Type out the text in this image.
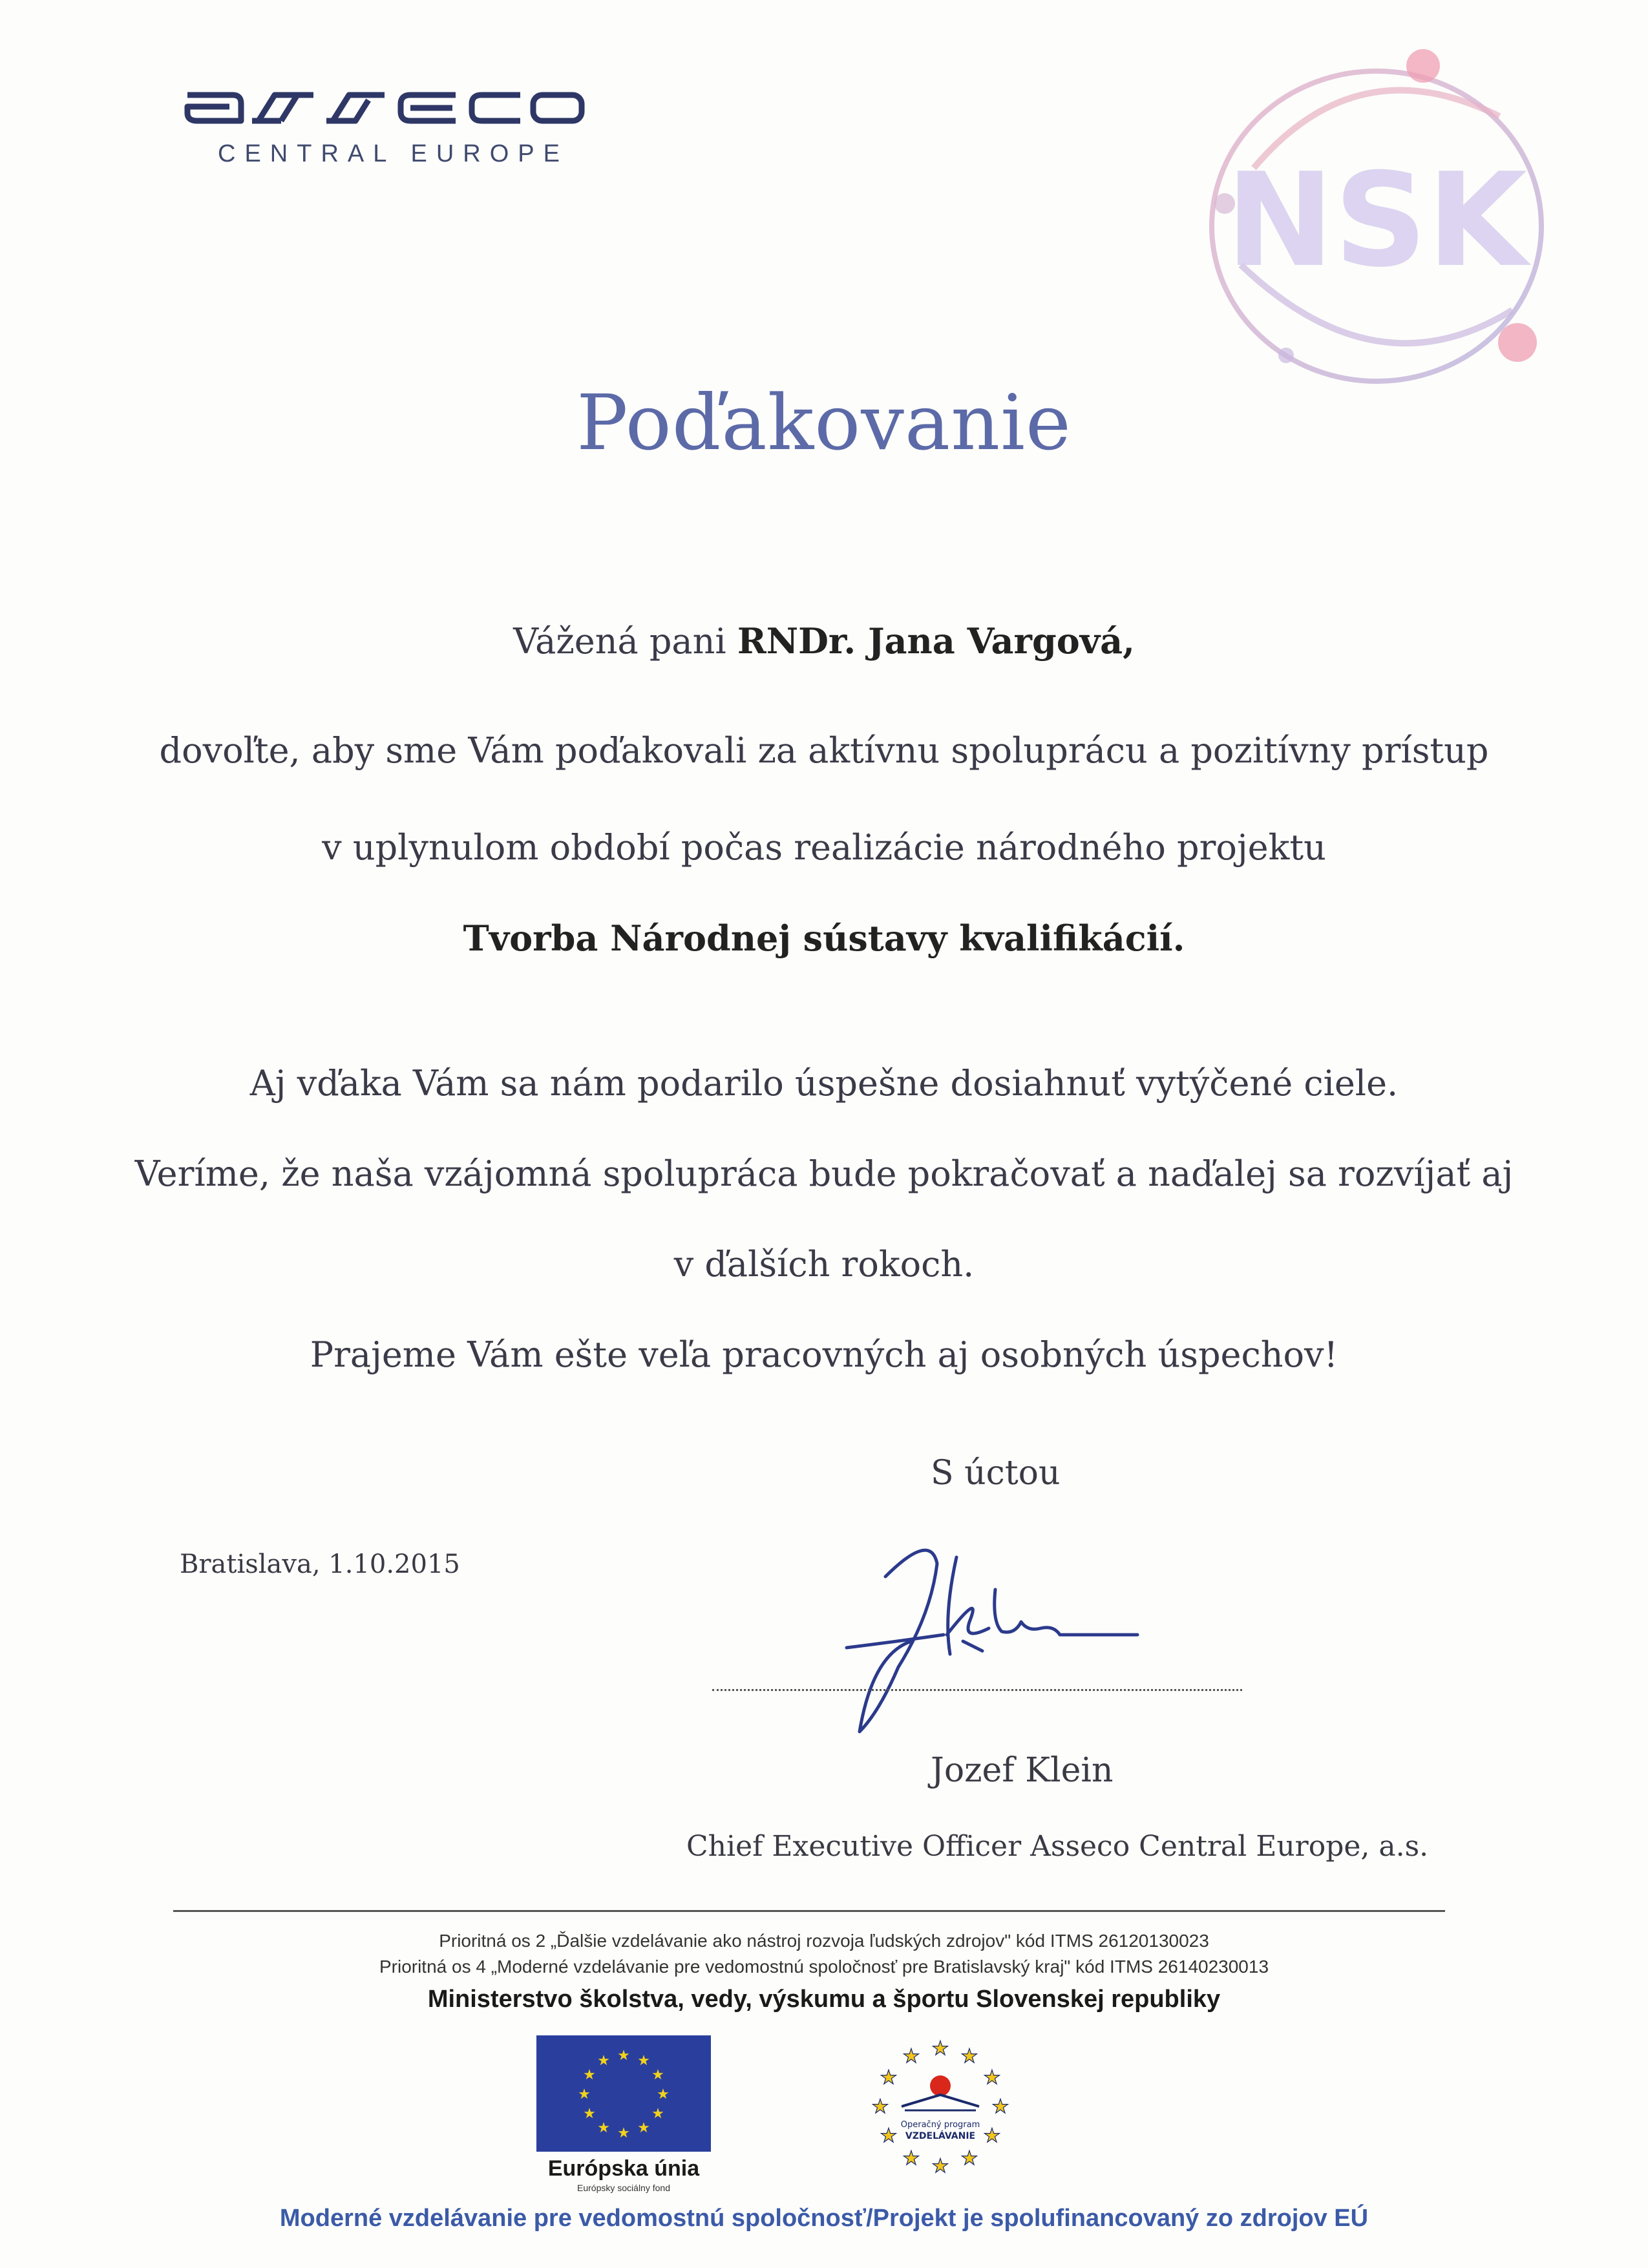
CENTRAL EUROPE	NSK
Poďakovanie
Vážená pani RNDr. Jana Vargová,
dovoľte, aby sme Vám poďakovali za aktívnu spoluprácu a pozitívny prístup
v uplynulom období počas realizácie národného projektu
Tvorba Národnej sústavy kvalifikácií.
Aj vďaka Vám sa nám podarilo úspešne dosiahnuť vytýčené ciele.
Veríme, že naša vzájomná spolupráca bude pokračovať a naďalej sa rozvíjať aj
v ďalších rokoch.
Prajeme Vám ešte veľa pracovných aj osobných úspechov!
S úctou
Bratislava, 1.10.2015
Jozef Klein
Chief Executive Officer Asseco Central Europe, a.s.
Prioritná os 2 „Ďalšie vzdelávanie ako nástroj rozvoja ľudských zdrojov" kód ITMS 26120130023
Prioritná os 4 „Moderné vzdelávanie pre vedomostnú spoločnosť pre Bratislavský kraj" kód ITMS 26140230013
Ministerstvo školstva, vedy, výskumu a športu Slovenskej republiky
★ ★
★
★
★
★
★
★
★
★
★
★
Európska únia
Európsky sociálny fond
★ ★
★
★
★
★
★
★
★
★
★
★
Operačný program
VZDELÁVANIE
Moderné vzdelávanie pre vedomostnú spoločnosť/Projekt je spolufinancovaný zo zdrojov EÚ
